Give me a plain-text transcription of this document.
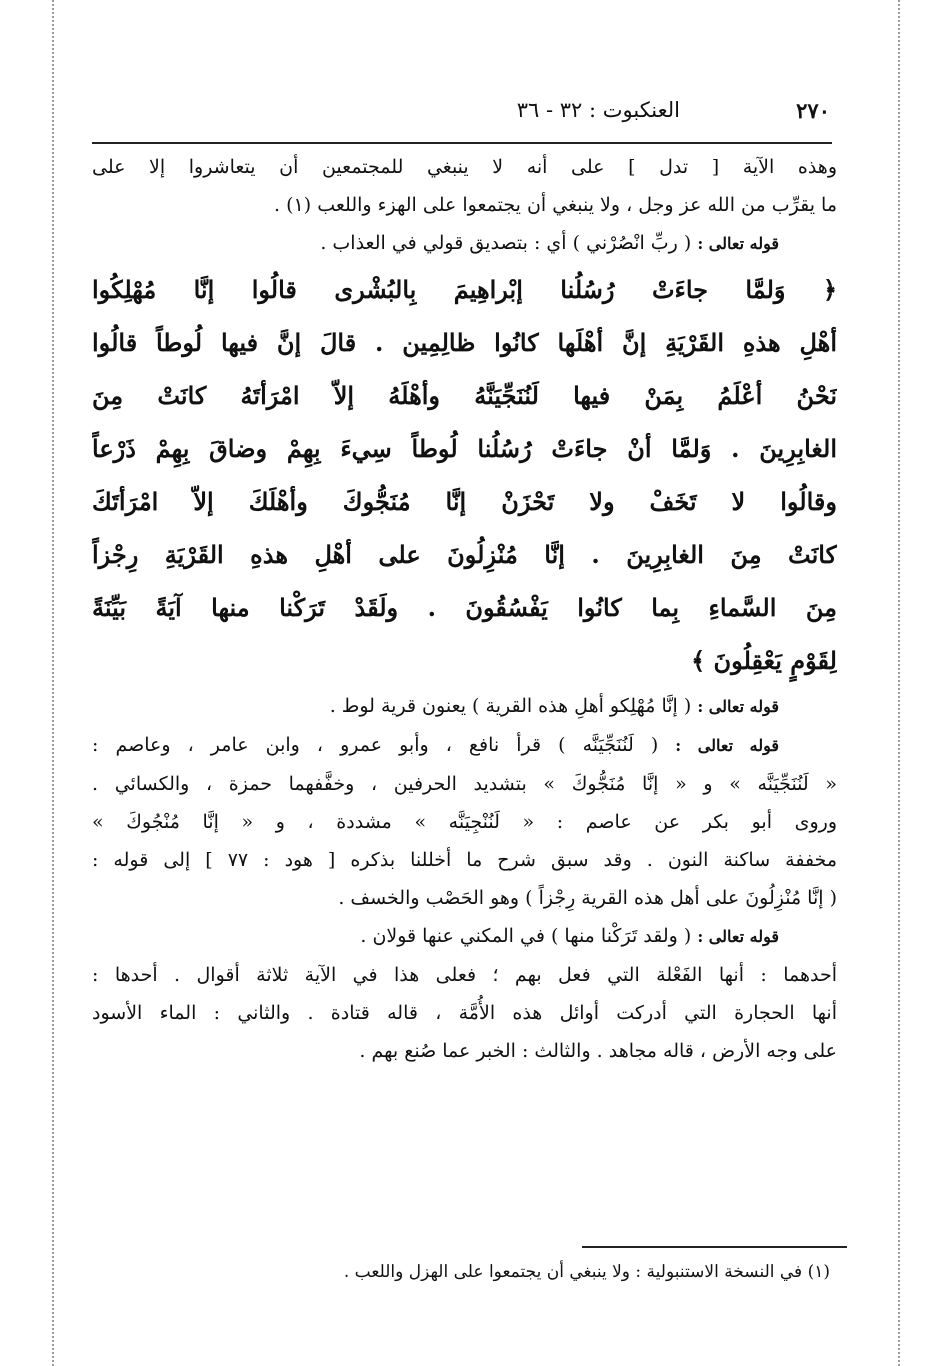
العنكبوت : ٣٢ - ٣٦	٢٧٠
وهذه الآية [ تدل ] على أنه لا ينبغي للمجتمعين أن يتعاشروا إلا على
ما يقرِّب من الله عز وجل ، ولا ينبغي أن يجتمعوا على الهزء واللعب (١) .
قوله تعالى : ( ربِّ انْصُرْني ) أي : بتصديق قولي في العذاب .
﴿ وَلمَّا جاءَتْ رُسُلُنا إبْراهِيمَ بِالبُشْرى قالُوا إنَّا مُهْلِكُوا
أهْلِ هذهِ القَرْيَةِ إنَّ أهْلَها كانُوا ظالِمِين . قالَ إنَّ فيها لُوطاً قالُوا
نَحْنُ أعْلَمُ بِمَنْ فيها لَنُنَجِّيَنَّهُ وأهْلَهُ إلاّ امْرَأتَهُ كانَتْ مِنَ
الغابِرِينَ . وَلمَّا أنْ جاءَتْ رُسُلُنا لُوطاً سِيءَ بِهِمْ وضاقَ بِهِمْ ذَرْعاً
وقالُوا لا تَخَفْ ولا تَحْزَنْ إنَّا مُنَجُّوكَ وأهْلَكَ إلاّ امْرَأتَكَ
كانَتْ مِنَ الغابِرِينَ . إنَّا مُنْزِلُونَ على أهْلِ هذهِ القَرْيَةِ رِجْزاً
مِنَ السَّماءِ بِما كانُوا يَفْسُقُونَ . ولَقَدْ تَرَكْنا منها آيَةً بَيِّنَةً
لِقَوْمٍ يَعْقِلُونَ ﴾
قوله تعالى : ( إنَّا مُهْلِكو أهلِ هذه القرية ) يعنون قرية لوط .
قوله تعالى : ( لَنُنَجِّيَنَّه ) قرأ نافع ، وأبو عمرو ، وابن عامر ، وعاصم :
« لَنُنَجِّيَنَّه » و « إنَّا مُنَجُّوكَ » بتشديد الحرفين ، وخفَّفهما حمزة ، والكسائي .
وروى أبو بكر عن عاصم : « لَنُنْجِيَنَّه » مشددة ، و « إنَّا مُنْجُوكَ »
مخففة ساكنة النون . وقد سبق شرح ما أخللنا بذكره [ هود : ٧٧ ] إلى قوله :
( إنَّا مُنْزِلُونَ على أهل هذه القرية رِجْزاً ) وهو الحَصْب والخسف .
قوله تعالى : ( ولقد تَرَكْنا منها ) في المكني عنها قولان .
أحدهما : أنها الفَعْلة التي فعل بهم ؛ فعلى هذا في الآية ثلاثة أقوال . أحدها :
أنها الحجارة التي أدركت أوائل هذه الأُمَّة ، قاله قتادة . والثاني : الماء الأسود
على وجه الأرض ، قاله مجاهد . والثالث : الخبر عما صُنع بهم .
(١) في النسخة الاستنبولية : ولا ينبغي أن يجتمعوا على الهزل واللعب .
